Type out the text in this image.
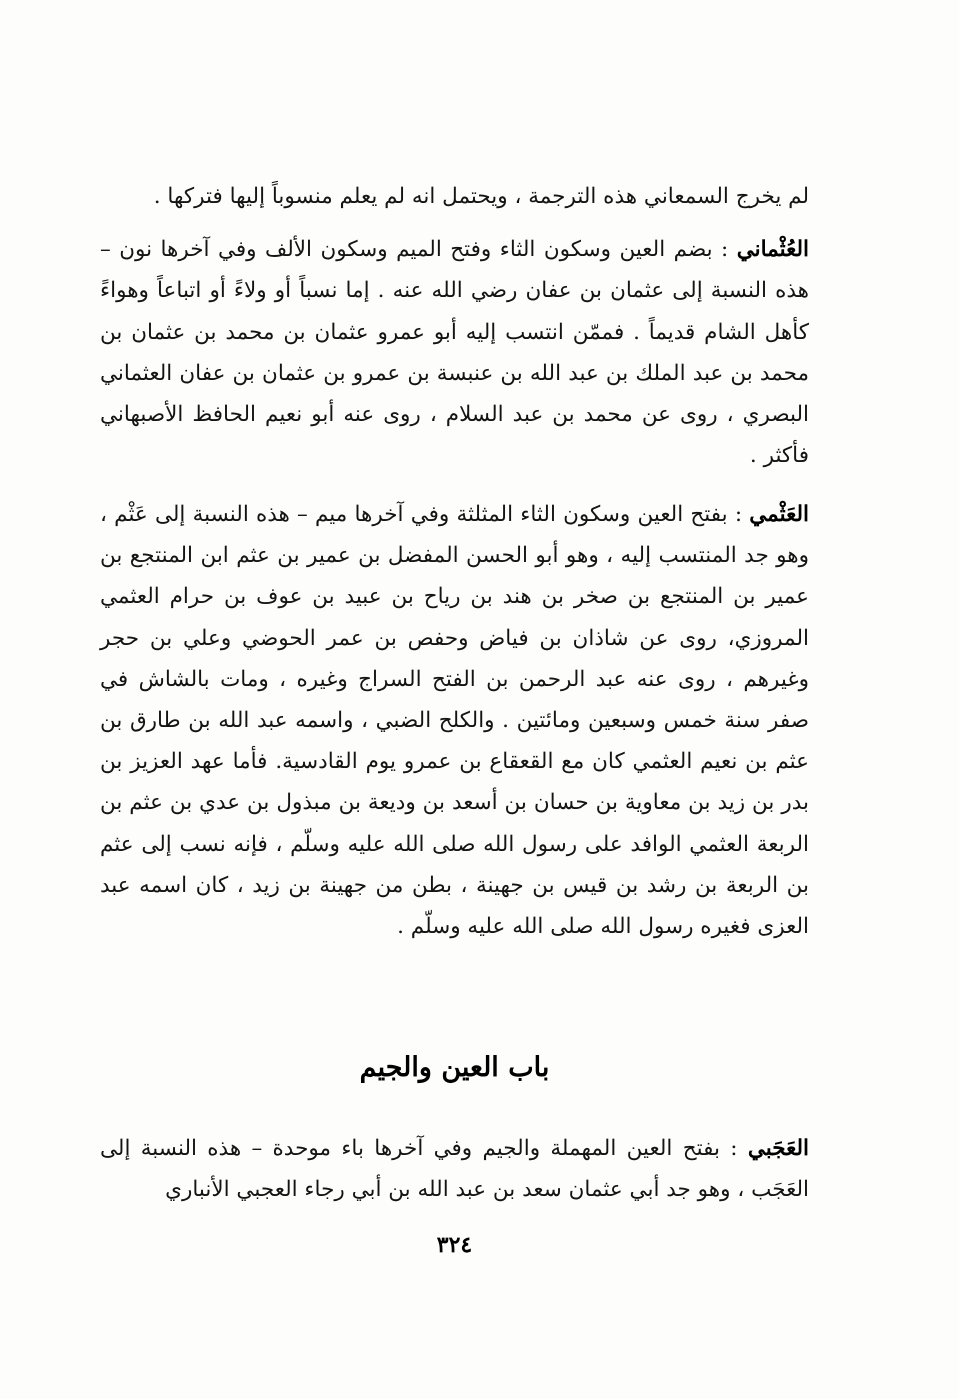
لم يخرج السمعاني هذه الترجمة ، ويحتمل انه لم يعلم منسوباً إليها فتركها .

العُثْماني : بضم العين وسكون الثاء وفتح الميم وسكون الألف وفي آخرها نون – هذه النسبة إلى عثمان بن عفان رضي الله عنه . إما نسباً أو ولاءً أو اتباعاً وهواءً كأهل الشام قديماً . فممّن انتسب إليه أبو عمرو عثمان بن محمد بن عثمان بن محمد بن عبد الملك بن عبد الله بن عنبسة بن عمرو بن عثمان بن عفان العثماني البصري ، روى عن محمد بن عبد السلام ، روى عنه أبو نعيم الحافظ الأصبهاني فأكثر .

العَثْمي : بفتح العين وسكون الثاء المثلثة وفي آخرها ميم – هذه النسبة إلى عَثْم ، وهو جد المنتسب إليه ، وهو أبو الحسن المفضل بن عمير بن عثم ابن المنتجع بن عمير بن المنتجع بن صخر بن هند بن رياح بن عبيد بن عوف بن حرام العثمي المروزي، روى عن شاذان بن فياض وحفص بن عمر الحوضي وعلي بن حجر وغيرهم ، روى عنه عبد الرحمن بن الفتح السراج وغيره ، ومات بالشاش في صفر سنة خمس وسبعين ومائتين . والكلح الضبي ، واسمه عبد الله بن طارق بن عثم بن نعيم العثمي كان مع القعقاع بن عمرو يوم القادسية. فأما عهد العزيز بن بدر بن زيد بن معاوية بن حسان بن أسعد بن وديعة بن مبذول بن عدي بن عثم بن الربعة العثمي الوافد على رسول الله صلى الله عليه وسلّم ، فإنه نسب إلى عثم بن الربعة بن رشد بن قيس بن جهينة ، بطن من جهينة بن زيد ، كان اسمه عبد العزى فغيره رسول الله صلى الله عليه وسلّم .

باب العين والجيم

العَجَبي : بفتح العين المهملة والجيم وفي آخرها باء موحدة – هذه النسبة إلى العَجَب ، وهو جد أبي عثمان سعد بن عبد الله بن أبي رجاء العجبي الأنباري

٣٢٤
